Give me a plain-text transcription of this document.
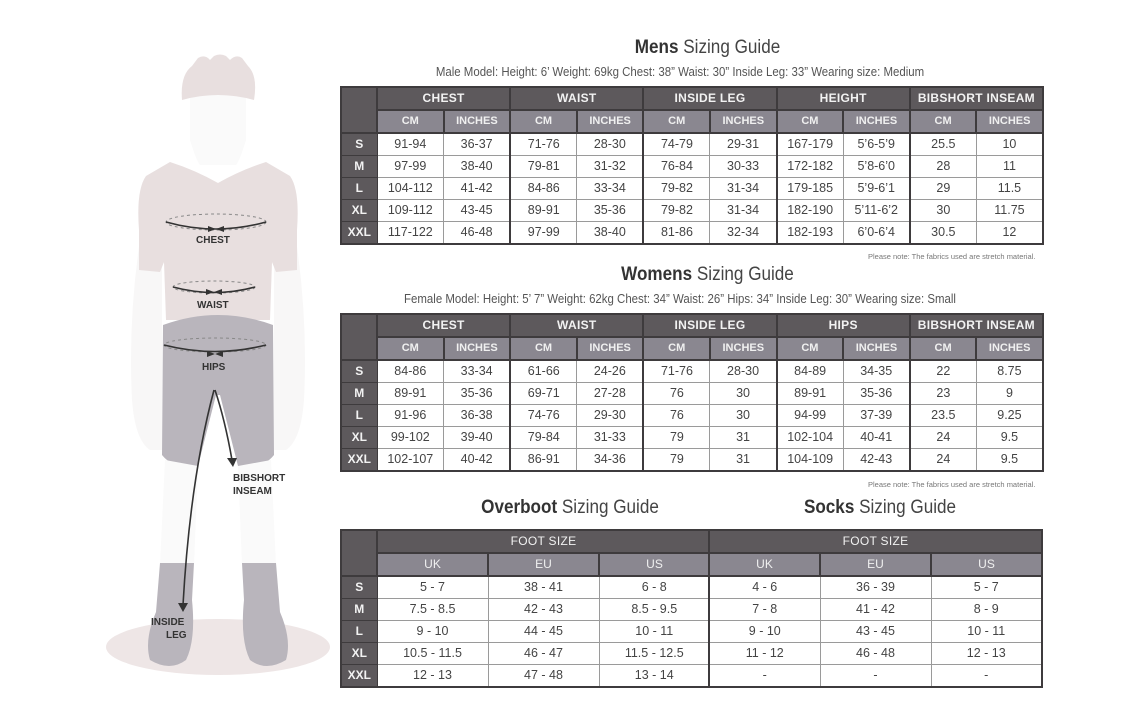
CHEST
WAIST
HIPS
BIBSHORT
INSEAM
INSIDE
LEG
Mens Sizing Guide
Male Model: Height: 6’ Weight: 69kg Chest: 38” Waist: 30” Inside Leg: 33” Wearing size: Medium
	CHEST		WAIST		INSIDE LEG		HEIGHT		BIBSHORT INSEAM	
	CM	INCHES	CM	INCHES	CM	INCHES	CM	INCHES	CM	INCHES
S	91-94	36-37	71-76	28-30	74-79	29-31	167-179	5’6-5’9	25.5	10
M	97-99	38-40	79-81	31-32	76-84	30-33	172-182	5’8-6’0	28	11
L	104-112	41-42	84-86	33-34	79-82	31-34	179-185	5’9-6’1	29	11.5
XL	109-112	43-45	89-91	35-36	79-82	31-34	182-190	5’11-6’2	30	11.75
XXL	117-122	46-48	97-99	38-40	81-86	32-34	182-193	6’0-6’4	30.5	12
Please note: The fabrics used are stretch material.
Womens Sizing Guide
Female Model: Height: 5’ 7” Weight: 62kg Chest: 34” Waist: 26” Hips: 34” Inside Leg: 30” Wearing size: Small
	CHEST		WAIST		INSIDE LEG		HIPS		BIBSHORT INSEAM	
	CM	INCHES	CM	INCHES	CM	INCHES	CM	INCHES	CM	INCHES
S	84-86	33-34	61-66	24-26	71-76	28-30	84-89	34-35	22	8.75
M	89-91	35-36	69-71	27-28	76	30	89-91	35-36	23	9
L	91-96	36-38	74-76	29-30	76	30	94-99	37-39	23.5	9.25
XL	99-102	39-40	79-84	31-33	79	31	102-104	40-41	24	9.5
XXL	102-107	40-42	86-91	34-36	79	31	104-109	42-43	24	9.5
Please note: The fabrics used are stretch material.
Overboot Sizing Guide
	FOOT SIZE		
	UK	EU	US
S	5 - 7	38 - 41	6 - 8
M	7.5 - 8.5	42 - 43	8.5 - 9.5
L	9 - 10	44 - 45	10 - 11
XL	10.5 - 11.5	46 - 47	11.5 - 12.5
XXL	12 - 13	47 - 48	13 - 14
Socks Sizing Guide
FOOT SIZE		
UK	EU	US
4 - 6	36 - 39	5 - 7
7 - 8	41 - 42	8 - 9
9 - 10	43 - 45	10 - 11
11 - 12	46 - 48	12 - 13
-	-	-
